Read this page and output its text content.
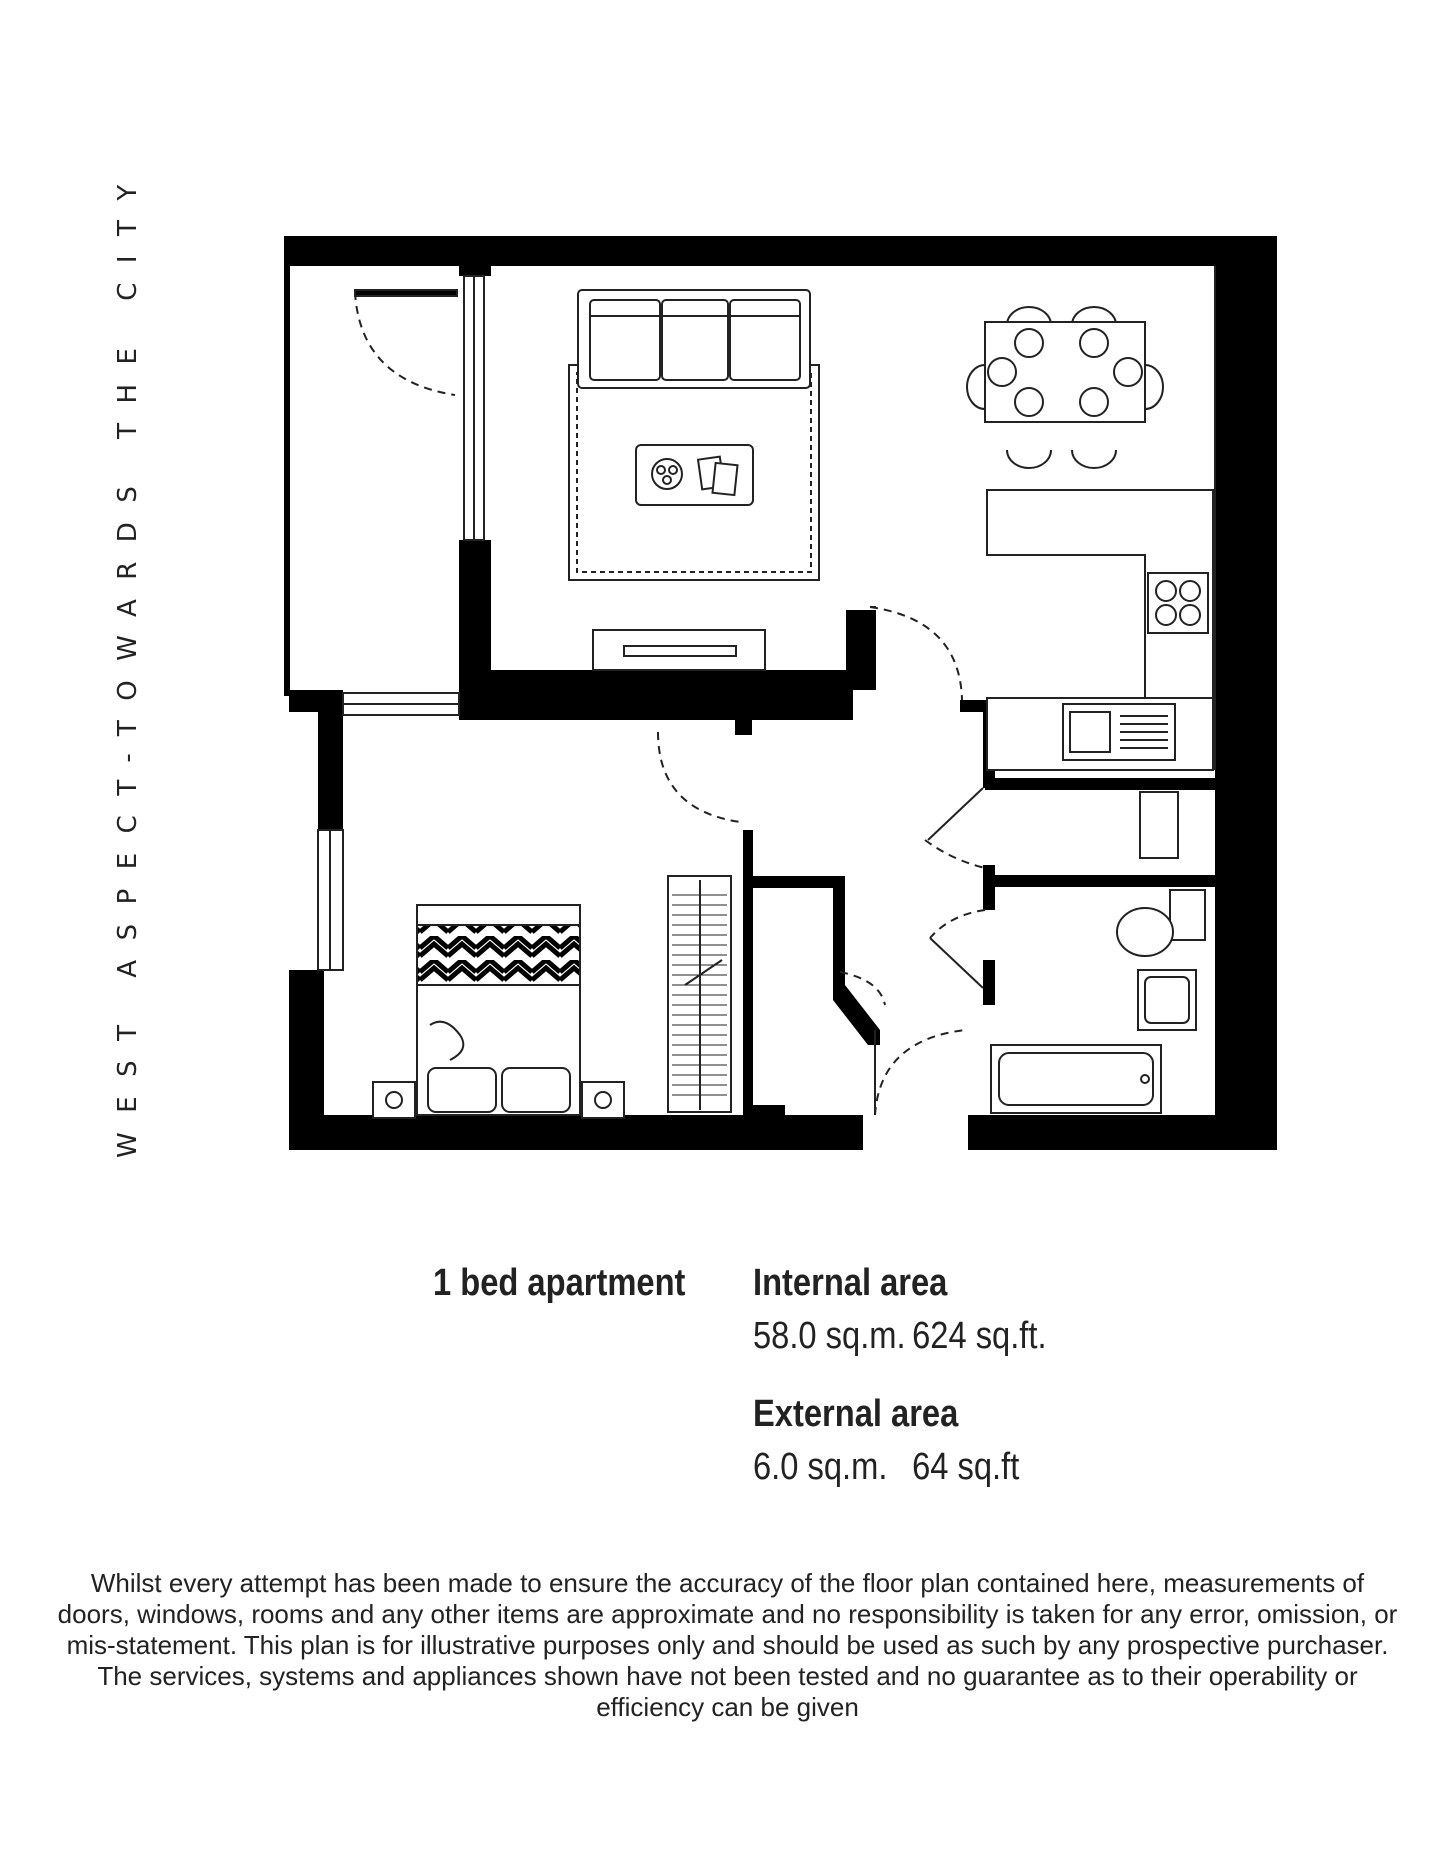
WEST ASPECT-TOWARDS THE CITY
1 bed apartment Internal area
58.0 sq.m. 624 sq.ft.
External area
6.0 sq.m. 64 sq.ft
Whilst every attempt has been made to ensure the accuracy of the floor plan contained here, measurements of doors, windows, rooms and any other items are approximate and no responsibility is taken for any error, omission, or mis-statement. This plan is for illustrative purposes only and should be used as such by any prospective purchaser. The services, systems and appliances shown have not been tested and no guarantee as to their operability or efficiency can be given
